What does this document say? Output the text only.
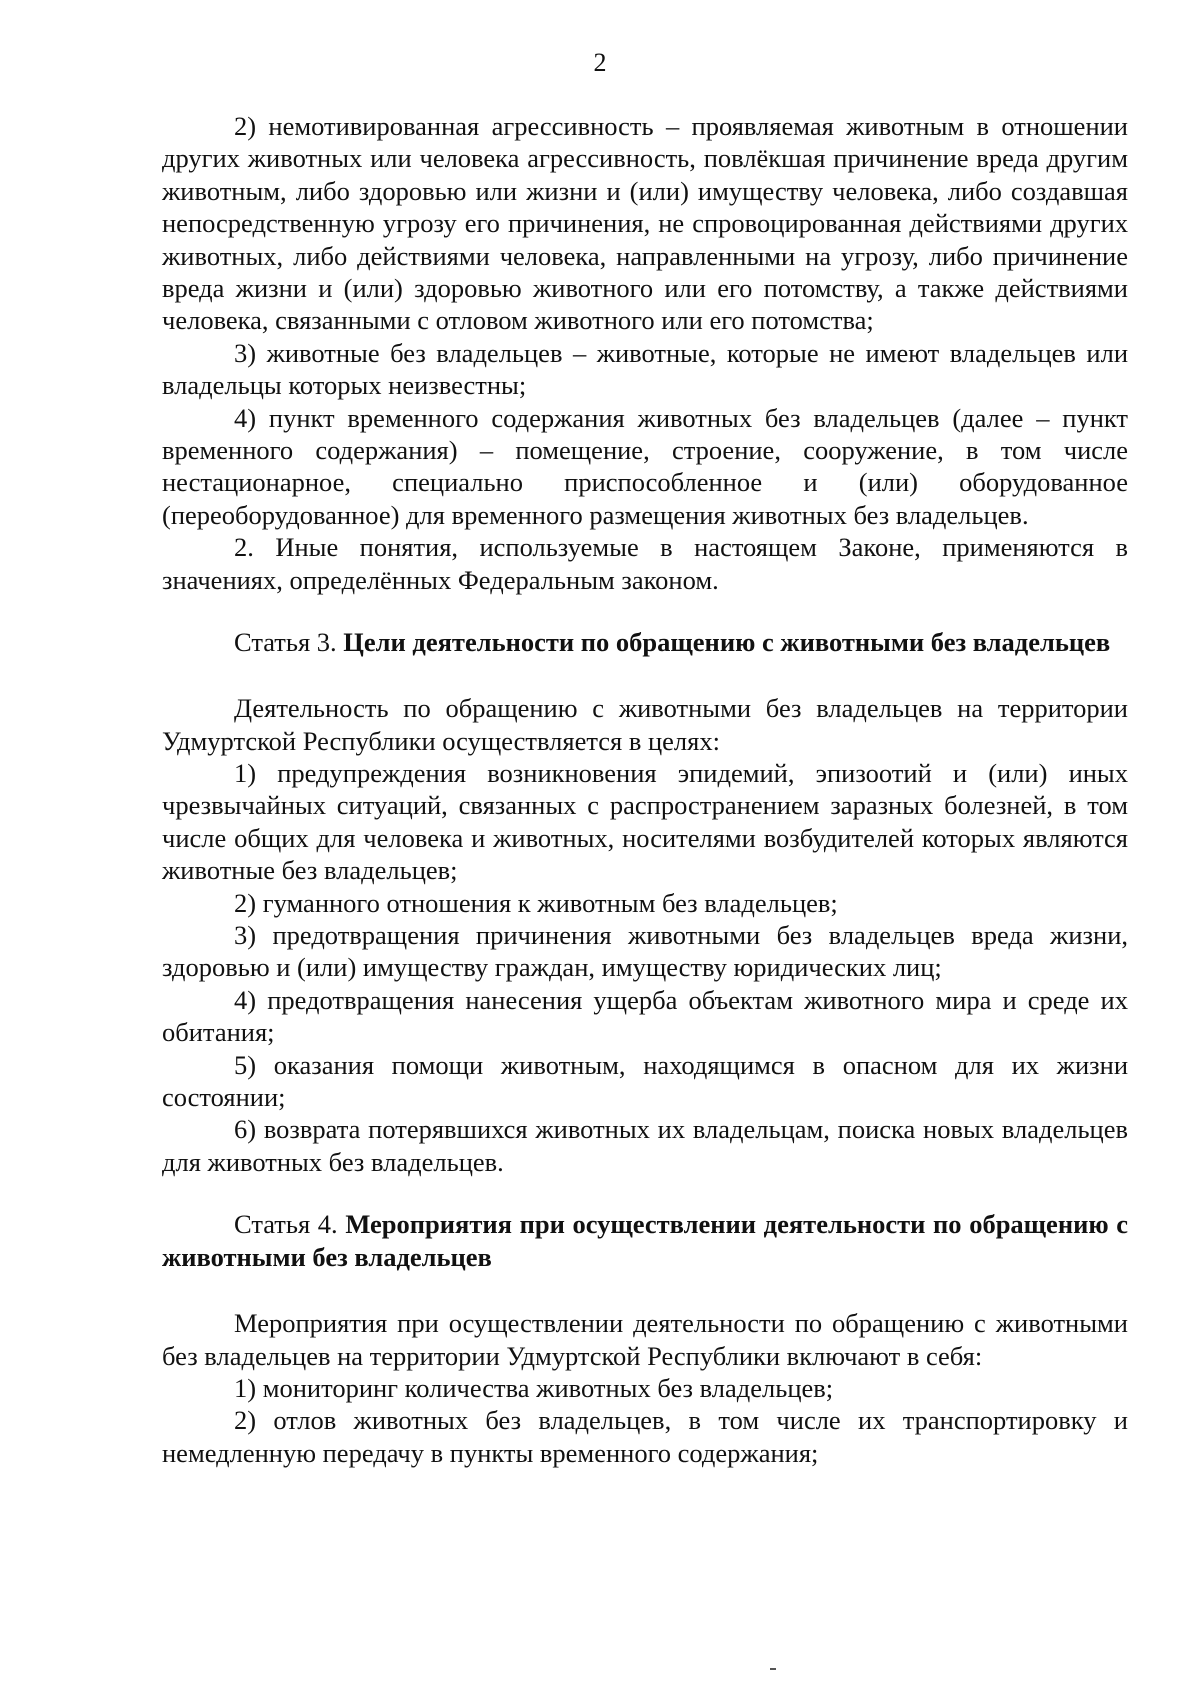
2

2) немотивированная агрессивность – проявляемая животным в отношении других животных или человека агрессивность, повлёкшая причинение вреда другим животным, либо здоровью или жизни и (или) имуществу человека, либо создавшая непосредственную угрозу его причинения, не спровоцированная действиями других животных, либо действиями человека, направленными на угрозу, либо причинение вреда жизни и (или) здоровью животного или его потомству, а также действиями человека, связанными с отловом животного или его потомства;

3) животные без владельцев – животные, которые не имеют владельцев или владельцы которых неизвестны;

4) пункт временного содержания животных без владельцев (далее – пункт временного содержания) – помещение, строение, сооружение, в том числе нестационарное, специально приспособленное и (или) оборудованное (переоборудованное) для временного размещения животных без владельцев.

2. Иные понятия, используемые в настоящем Законе, применяются в значениях, определённых Федеральным законом.

Статья 3. Цели деятельности по обращению с животными без владельцев

Деятельность по обращению с животными без владельцев на территории Удмуртской Республики осуществляется в целях:

1) предупреждения возникновения эпидемий, эпизоотий и (или) иных чрезвычайных ситуаций, связанных с распространением заразных болезней, в том числе общих для человека и животных, носителями возбудителей которых являются животные без владельцев;

2) гуманного отношения к животным без владельцев;

3) предотвращения причинения животными без владельцев вреда жизни, здоровью и (или) имуществу граждан, имуществу юридических лиц;

4) предотвращения нанесения ущерба объектам животного мира и среде их обитания;

5) оказания помощи животным, находящимся в опасном для их жизни состоянии;

6) возврата потерявшихся животных их владельцам, поиска новых владельцев для животных без владельцев.

Статья 4. Мероприятия при осуществлении деятельности по обращению с животными без владельцев

Мероприятия при осуществлении деятельности по обращению с животными без владельцев на территории Удмуртской Республики включают в себя:

1) мониторинг количества животных без владельцев;

2) отлов животных без владельцев, в том числе их транспортировку и немедленную передачу в пункты временного содержания;
